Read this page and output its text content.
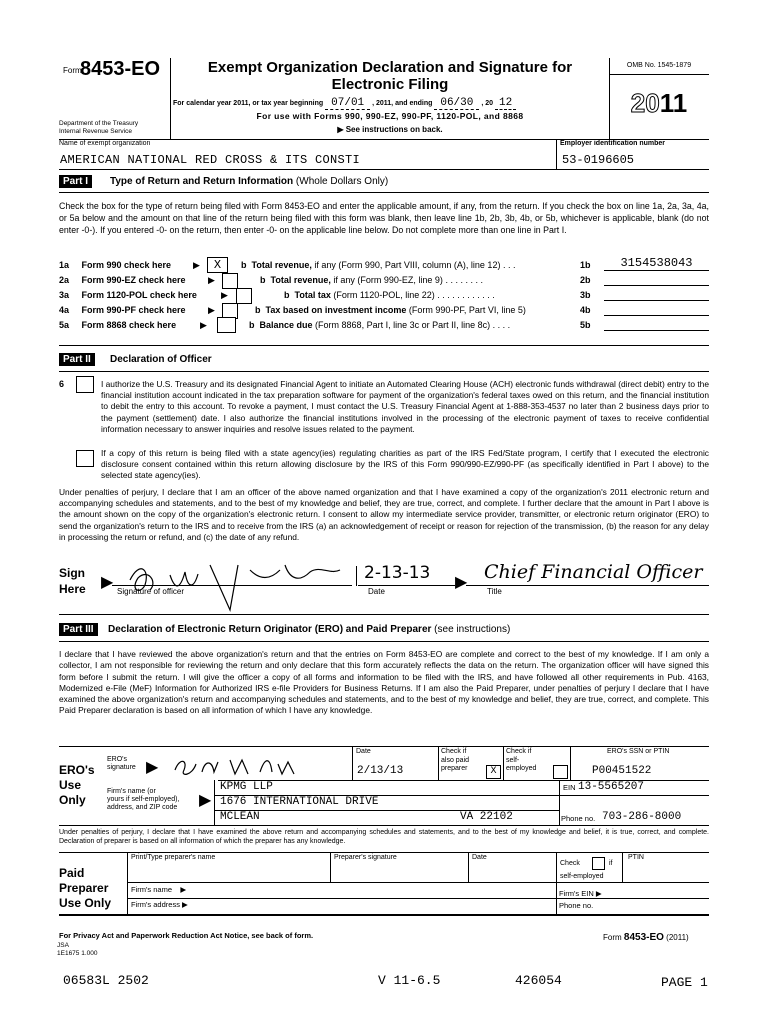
Form
8453-EO
Department of the Treasury
Internal Revenue Service
Exempt Organization Declaration and Signature for
Electronic Filing
For calendar year 2011, or tax year beginning 07/01 , 2011, and ending 06/30 , 20 12
For use with Forms 990, 990-EZ, 990-PF, 1120-POL, and 8868
▶ See instructions on back.
OMB No. 1545-1879
2011
Name of exempt organization
AMERICAN NATIONAL RED CROSS & ITS CONSTI
Employer identification number
53-0196605
Part I	Type of Return and Return Information (Whole Dollars Only)
Check the box for the type of return being filed with Form 8453-EO and enter the applicable amount, if any, from the return. If you check the box on line 1a, 2a, 3a, 4a, or 5a below and the amount on that line of the return being filed with this form was blank, then leave line 1b, 2b, 3b, 4b, or 5b, whichever is applicable, blank (do not enter -0-). If you entered -0- on the return, then enter -0- on the applicable line below. Do not complete more than one line in Part I.
1a Form 990 check here ▶	X	b Total revenue, if any (Form 990, Part VIII, column (A), line 12) . . .	1b	3154538043
2a Form 990-EZ check here ▶	b Total revenue, if any (Form 990-EZ, line 9) . . . . . . . .	2b
3a Form 1120-POL check here	▶	b Total tax (Form 1120-POL, line 22) . . . . . . . . . . . .	3b
4a Form 990-PF check here ▶	b Tax based on investment income (Form 990-PF, Part VI, line 5)	4b
5a Form 8868 check here	▶	b Balance due (Form 8868, Part I, line 3c or Part II, line 8c) . . . .	5b
Part II	Declaration of Officer
6	I authorize the U.S. Treasury and its designated Financial Agent to initiate an Automated Clearing House (ACH) electronic funds withdrawal (direct debit) entry to the financial institution account indicated in the tax preparation software for payment of the organization's federal taxes owed on this return, and the financial institution to debit the entry to this account. To revoke a payment, I must contact the U.S. Treasury Financial Agent at 1-888-353-4537 no later than 2 business days prior to the payment (settlement) date. I also authorize the financial institutions involved in the processing of the electronic payment of taxes to receive confidential information necessary to answer inquiries and resolve issues related to the payment.
If a copy of this return is being filed with a state agency(ies) regulating charities as part of the IRS Fed/State program, I certify that I executed the electronic disclosure consent contained within this return allowing disclosure by the IRS of this Form 990/990-EZ/990-PF (as specifically identified in Part I above) to the selected state agency(ies).
Under penalties of perjury, I declare that I am an officer of the above named organization and that I have examined a copy of the organization's 2011 electronic return and accompanying schedules and statements, and to the best of my knowledge and belief, they are true, correct, and complete. I further declare that the amount in Part I above is the amount shown on the copy of the organization's electronic return. I consent to allow my intermediate service provider, transmitter, or electronic return originator (ERO) to send the organization's return to the IRS and to receive from the IRS (a) an acknowledgement of receipt or reason for rejection of the transmission, (b) the reason for any delay in processing the return or refund, and (c) the date of any refund.
Sign
Here ▶
Signature of officer
2-13-13
Date
▶ Chief Financial Officer
Title
Part III	Declaration of Electronic Return Originator (ERO) and Paid Preparer (see instructions)
I declare that I have reviewed the above organization's return and that the entries on Form 8453-EO are complete and correct to the best of my knowledge. If I am only a collector, I am not responsible for reviewing the return and only declare that this form accurately reflects the data on the return. The organization officer will have signed this form before I submit the return. I will give the officer a copy of all forms and information to be filed with the IRS, and have followed all other requirements in Pub. 4163, Modernized e-File (MeF) Information for Authorized IRS e-file Providers for Business Returns. If I am also the Paid Preparer, under penalties of perjury I declare that I have examined the above organization's return and accompanying schedules and statements, and to the best of my knowledge and belief, they are true, correct, and complete. This Paid Preparer declaration is based on all information of which I have any knowledge.
ERO's
Use
Only
ERO's
signature ▶
Date
2/13/13
Check if
also paid
preparer	X
Check if
self-
employed
ERO's SSN or PTIN
P00451522
Firm's name (or
yours if self-employed),
address, and ZIP code ▶
KPMG LLP
1676 INTERNATIONAL DRIVE
MCLEAN	VA 22102
EIN 13-5565207
Phone no. 703-286-8000
Under penalties of perjury, I declare that I have examined the above return and accompanying schedules and statements, and to the best of my knowledge and belief, it is true, correct, and complete. Declaration of preparer is based on all information of which the preparer has any knowledge.
Paid
Preparer
Use Only
Print/Type preparer's name	Preparer's signature	Date
Check	if
self-employed
PTIN
Firm's name ▶	Firm's EIN ▶
Firm's address ▶	Phone no.
For Privacy Act and Paperwork Reduction Act Notice, see back of form.	Form 8453-EO (2011)
JSA
1E1675 1.000
06583L 2502	V 11-6.5	426054	PAGE 1
